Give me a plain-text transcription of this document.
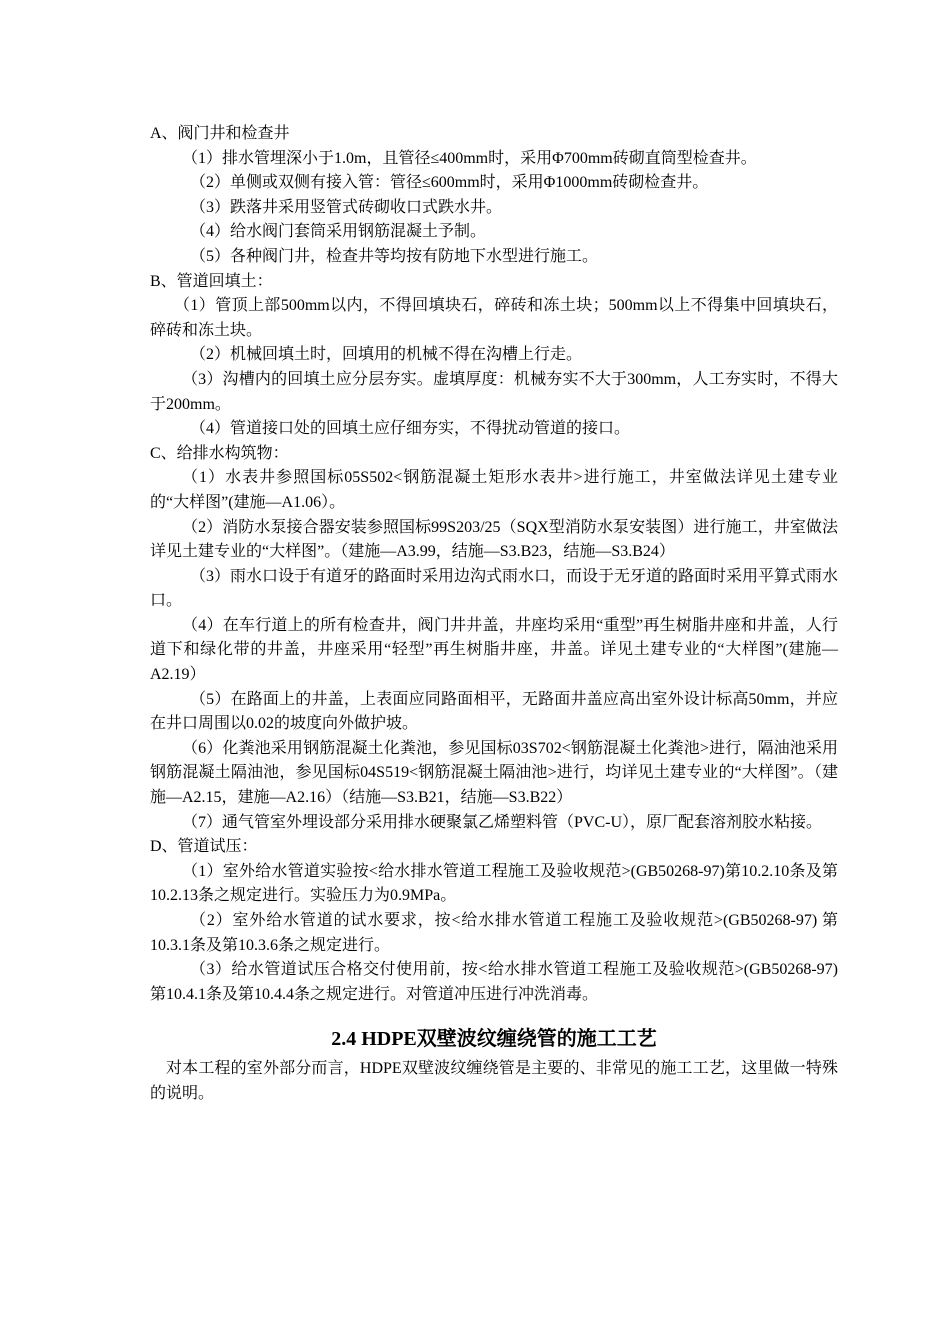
A、阀门井和检查井

（1）排水管埋深小于1.0m，且管径≤400mm时，采用Φ700mm砖砌直筒型检查井。

（2）单侧或双侧有接入管：管径≤600mm时，采用Φ1000mm砖砌检查井。

（3）跌落井采用竖管式砖砌收口式跌水井。

（4）给水阀门套筒采用钢筋混凝土予制。

（5）各种阀门井，检查井等均按有防地下水型进行施工。

B、管道回填土：

（1）管顶上部500mm以内，不得回填块石，碎砖和冻土块；500mm以上不得集中回填块石，碎砖和冻土块。

（2）机械回填土时，回填用的机械不得在沟槽上行走。

（3）沟槽内的回填土应分层夯实。虚填厚度：机械夯实不大于300mm，人工夯实时，不得大于200mm。

（4）管道接口处的回填土应仔细夯实，不得扰动管道的接口。

C、给排水构筑物：

（1）水表井参照国标05S502<钢筋混凝土矩形水表井>进行施工，井室做法详见土建专业的“大样图”(建施—A1.06）。

（2）消防水泵接合器安装参照国标99S203/25（SQX型消防水泵安装图）进行施工，井室做法详见土建专业的“大样图”。（建施—A3.99，结施—S3.B23，结施—S3.B24）

（3）雨水口设于有道牙的路面时采用边沟式雨水口，而设于无牙道的路面时采用平算式雨水口。

（4）在车行道上的所有检查井，阀门井井盖，井座均采用“重型”再生树脂井座和井盖，人行道下和绿化带的井盖，井座采用“轻型”再生树脂井座，井盖。详见土建专业的“大样图”(建施—A2.19）

（5）在路面上的井盖，上表面应同路面相平，无路面井盖应高出室外设计标高50mm，并应在井口周围以0.02的坡度向外做护坡。

（6）化粪池采用钢筋混凝土化粪池，参见国标03S702<钢筋混凝土化粪池>进行，隔油池采用钢筋混凝土隔油池，参见国标04S519<钢筋混凝土隔油池>进行，均详见土建专业的“大样图”。（建施—A2.15，建施—A2.16）（结施—S3.B21，结施—S3.B22）

（7）通气管室外埋设部分采用排水硬聚氯乙烯塑料管（PVC-U），原厂配套溶剂胶水粘接。

D、管道试压：

（1）室外给水管道实验按<给水排水管道工程施工及验收规范>(GB50268-97)第10.2.10条及第10.2.13条之规定进行。实验压力为0.9MPa。

（2）室外给水管道的试水要求，按<给水排水管道工程施工及验收规范>(GB50268-97) 第10.3.1条及第10.3.6条之规定进行。

（3）给水管道试压合格交付使用前，按<给水排水管道工程施工及验收规范>(GB50268-97)第10.4.1条及第10.4.4条之规定进行。对管道冲压进行冲洗消毒。

2.4 HDPE双壁波纹缠绕管的施工工艺

对本工程的室外部分而言，HDPE双壁波纹缠绕管是主要的、非常见的施工工艺，这里做一特殊的说明。
